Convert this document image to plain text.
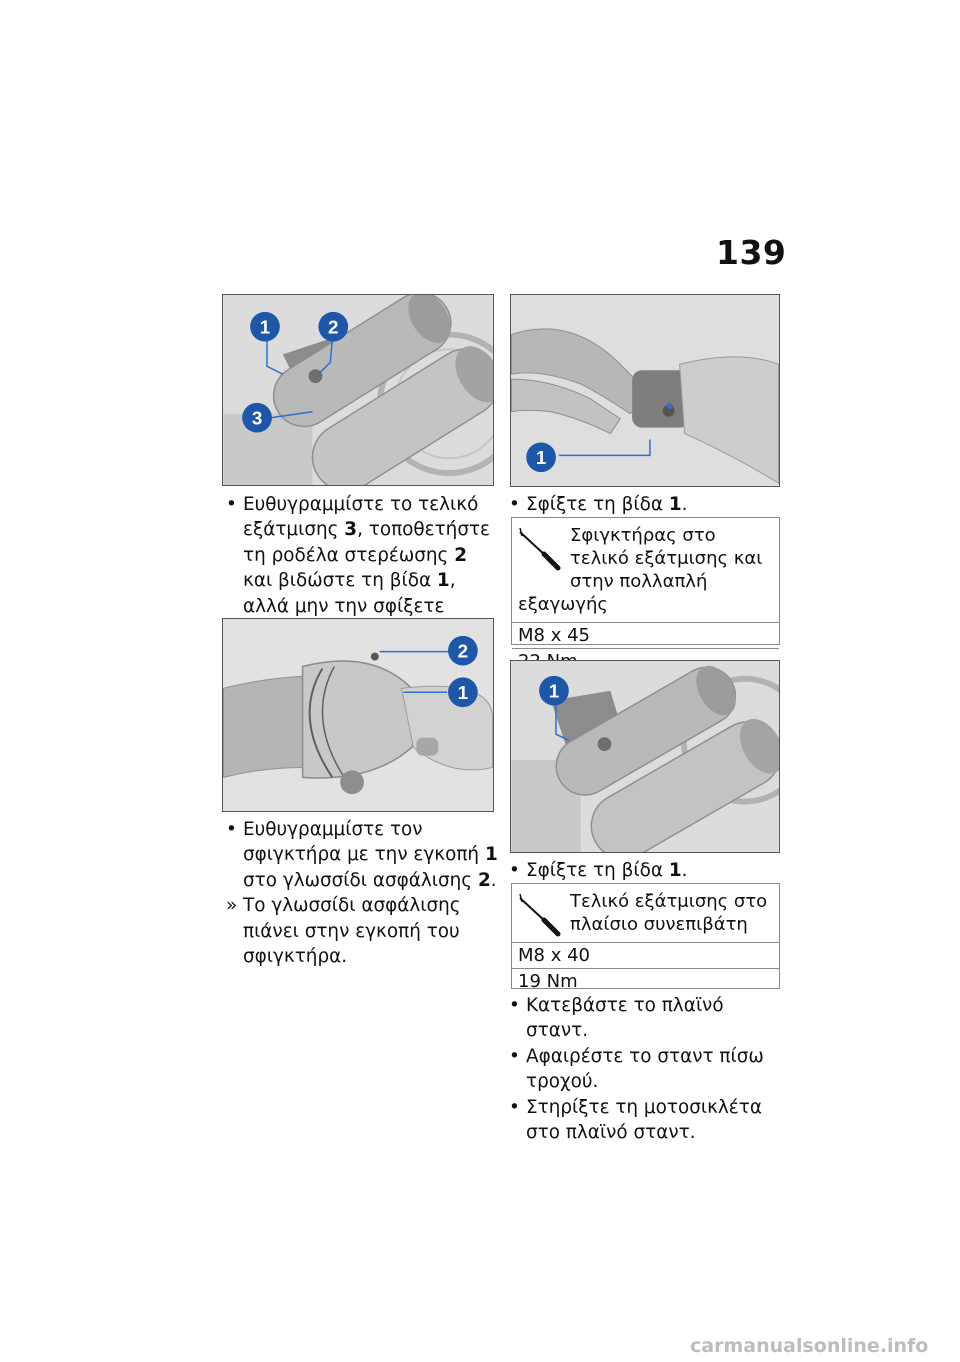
139
1	2
3
1
• Ευθυγραμμίστε το τελικό εξάτμισης 3, τοποθετήστε τη ροδέλα στερέωσης 2 και βιδώστε τη βίδα 1, αλλά μην την σφίξετε
2
1
• Ευθυγραμμίστε τον σφιγκτήρα με την εγκοπή 1 στο γλωσσίδι ασφάλισης 2.
» Το γλωσσίδι ασφάλισης πιάνει στην εγκοπή του σφιγκτήρα.
• Σφίξτε τη βίδα 1.
Σφιγκτήρας στο τελικό εξάτμισης και στην πολλαπλή εξαγωγής
M8 x 45
1
• Σφίξτε τη βίδα 1.
Τελικό εξάτμισης στο πλαίσιο συνεπιβάτη
M8 x 40
19 Nm
• Κατεβάστε το πλαϊνό σταντ.
• Αφαιρέστε το σταντ πίσω τροχού.
• Στηρίξτε τη μοτοσικλέτα στο πλαϊνό σταντ.
carmanualsonline.info
